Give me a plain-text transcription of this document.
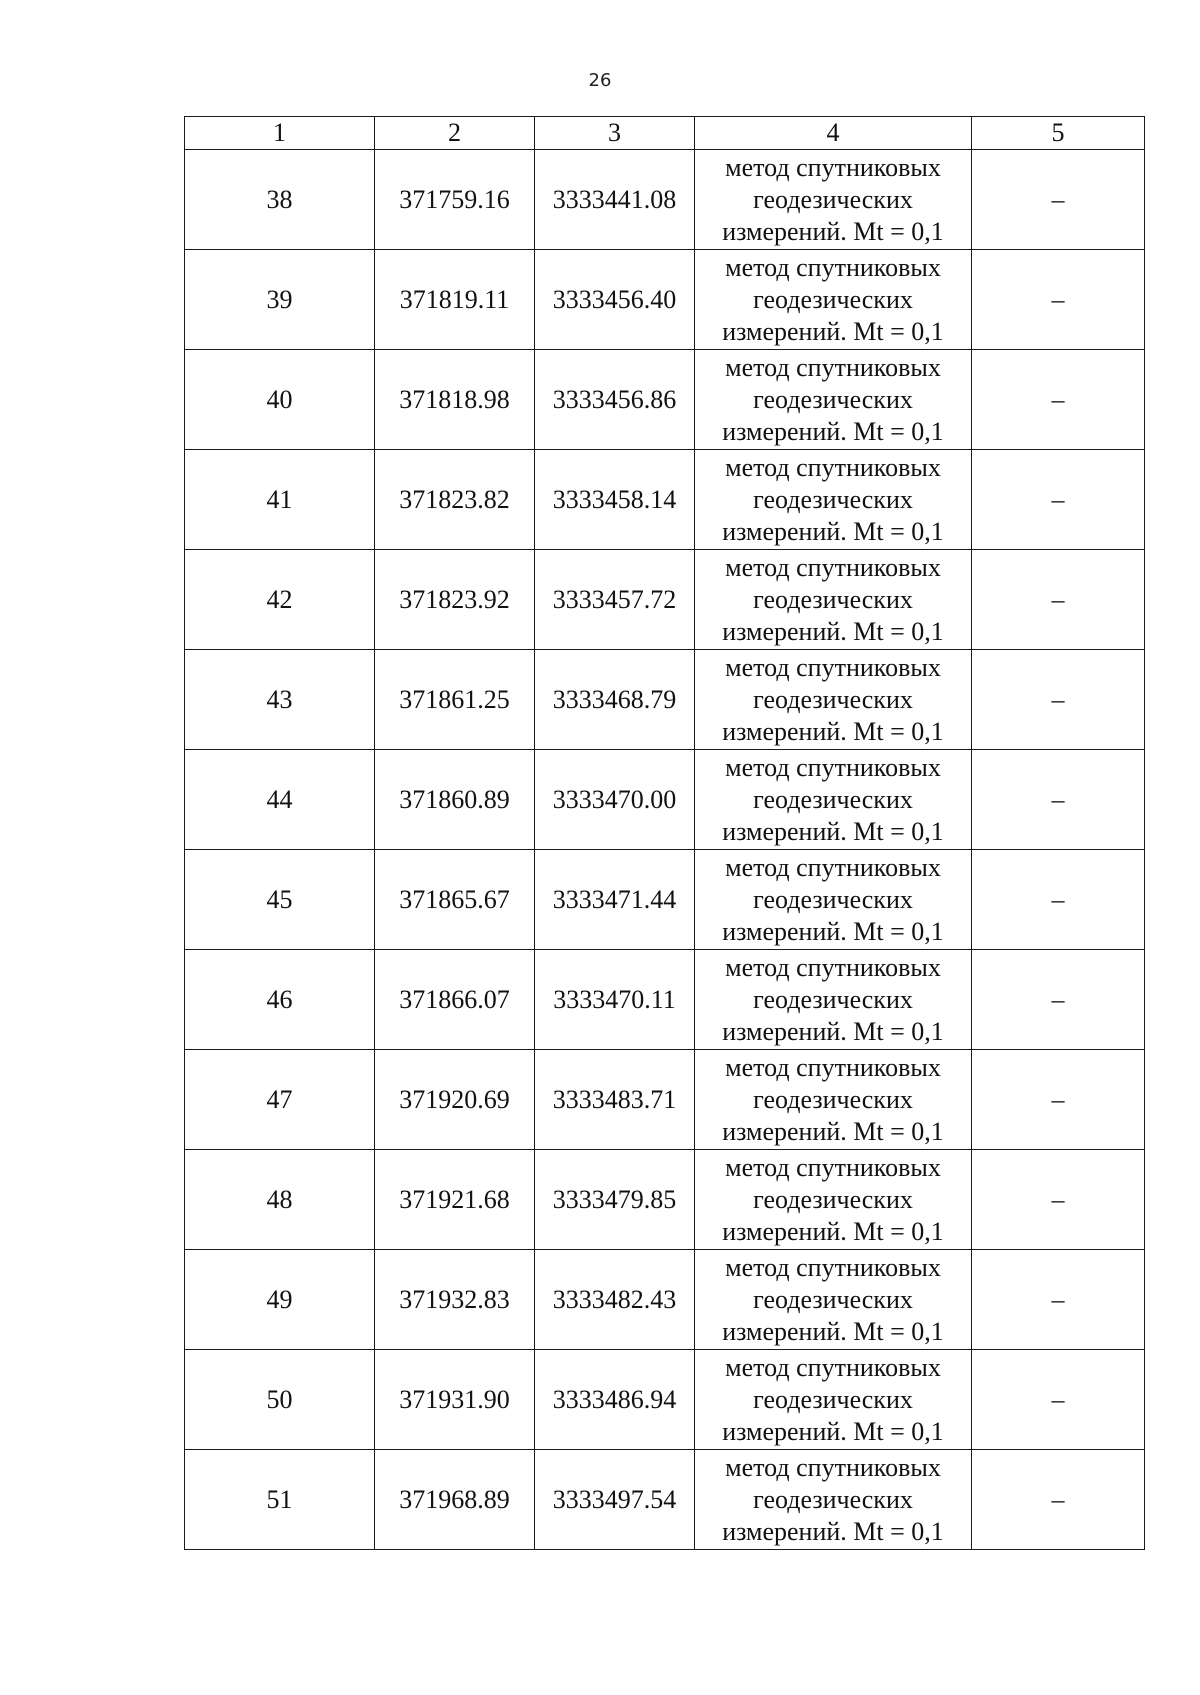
26
1	2	3	4	5
38	371759.16	3333441.08	метод спутниковых
геодезических
измерений. Mt = 0,1	–
39	371819.11	3333456.40	метод спутниковых
геодезических
измерений. Mt = 0,1	–
40	371818.98	3333456.86	метод спутниковых
геодезических
измерений. Mt = 0,1	–
41	371823.82	3333458.14	метод спутниковых
геодезических
измерений. Mt = 0,1	–
42	371823.92	3333457.72	метод спутниковых
геодезических
измерений. Mt = 0,1	–
43	371861.25	3333468.79	метод спутниковых
геодезических
измерений. Mt = 0,1	–
44	371860.89	3333470.00	метод спутниковых
геодезических
измерений. Mt = 0,1	–
45	371865.67	3333471.44	метод спутниковых
геодезических
измерений. Mt = 0,1	–
46	371866.07	3333470.11	метод спутниковых
геодезических
измерений. Mt = 0,1	–
47	371920.69	3333483.71	метод спутниковых
геодезических
измерений. Mt = 0,1	–
48	371921.68	3333479.85	метод спутниковых
геодезических
измерений. Mt = 0,1	–
49	371932.83	3333482.43	метод спутниковых
геодезических
измерений. Mt = 0,1	–
50	371931.90	3333486.94	метод спутниковых
геодезических
измерений. Mt = 0,1	–
51	371968.89	3333497.54	метод спутниковых
геодезических
измерений. Mt = 0,1	–
